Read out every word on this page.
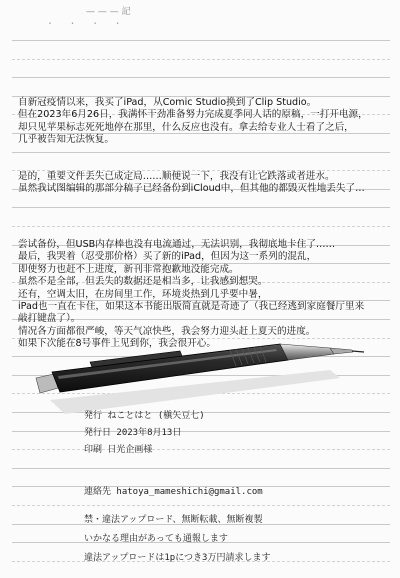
— — — 記
・ ・ ・ ・

自新冠疫情以来，我买了iPad，从Comic Studio换到了Clip Studio。

但在2023年6月26日，我满怀干劲准备努力完成夏季同人话的原稿，一打开电源，

却只见苹果标志死死地停在那里，什么反应也没有。拿去给专业人士看了之后，

几乎被告知无法恢复。

是的，重要文件丢失已成定局……顺便说一下，我没有让它跌落或者进水。

虽然我试图编辑的那部分稿子已经备份到iCloud中，但其他的都毁灭性地丢失了…

尝试备份，但USB内存棒也没有电流通过，无法识别，我彻底地卡住了……

最后，我哭着（忍受那价格）买了新的iPad，但因为这一系列的混乱，

即使努力也赶不上进度，新刊非常抱歉地没能完成。

虽然不是全部，但丢失的数据还是相当多，让我感到想哭。

还有，空调太旧，在房间里工作，环境炎热到几乎要中暑，

iPad也一直在卡住，如果这本书能出版简直就是奇迹了（我已经逃到家庭餐厅里来

敲打键盘了）。

情况各方面都很严峻，等天气凉快些，我会努力迎头赶上夏天的进度。

如果下次能在8号事件上见到你，我会很开心。

発行 ねことはと (槇矢豆七)
発行日 2023年8月13日
印刷 日光企画様
連絡先 hatoya_mameshichi@gmail.com
禁・違法アップロード、無断転載、無断複製
いかなる理由があっても通報します
違法アップロードは1pにつき3万円請求します
